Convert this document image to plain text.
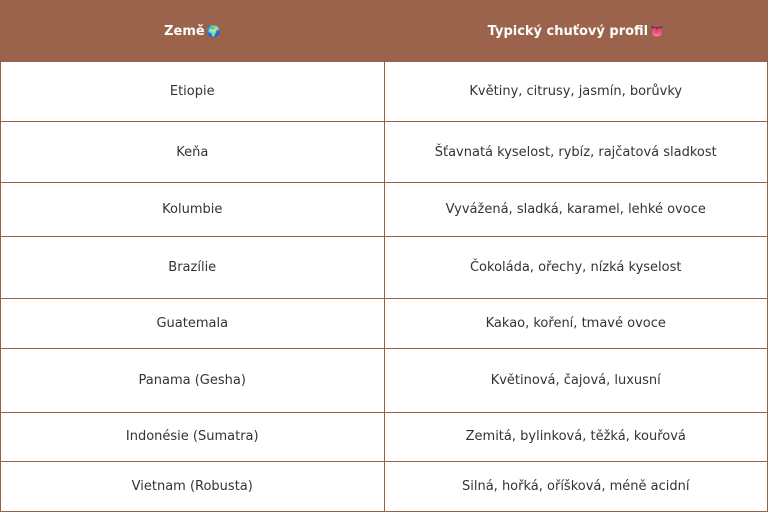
Země 🌍	Typický chuťový profil 👅
Etiopie	Květiny, citrusy, jasmín, borůvky
Keňa	Šťavnatá kyselost, rybíz, rajčatová sladkost
Kolumbie	Vyvážená, sladká, karamel, lehké ovoce
Brazílie	Čokoláda, ořechy, nízká kyselost
Guatemala	Kakao, koření, tmavé ovoce
Panama (Gesha)	Květinová, čajová, luxusní
Indonésie (Sumatra)	Zemitá, bylinková, těžká, kouřová
Vietnam (Robusta)	Silná, hořká, oříšková, méně acidní
